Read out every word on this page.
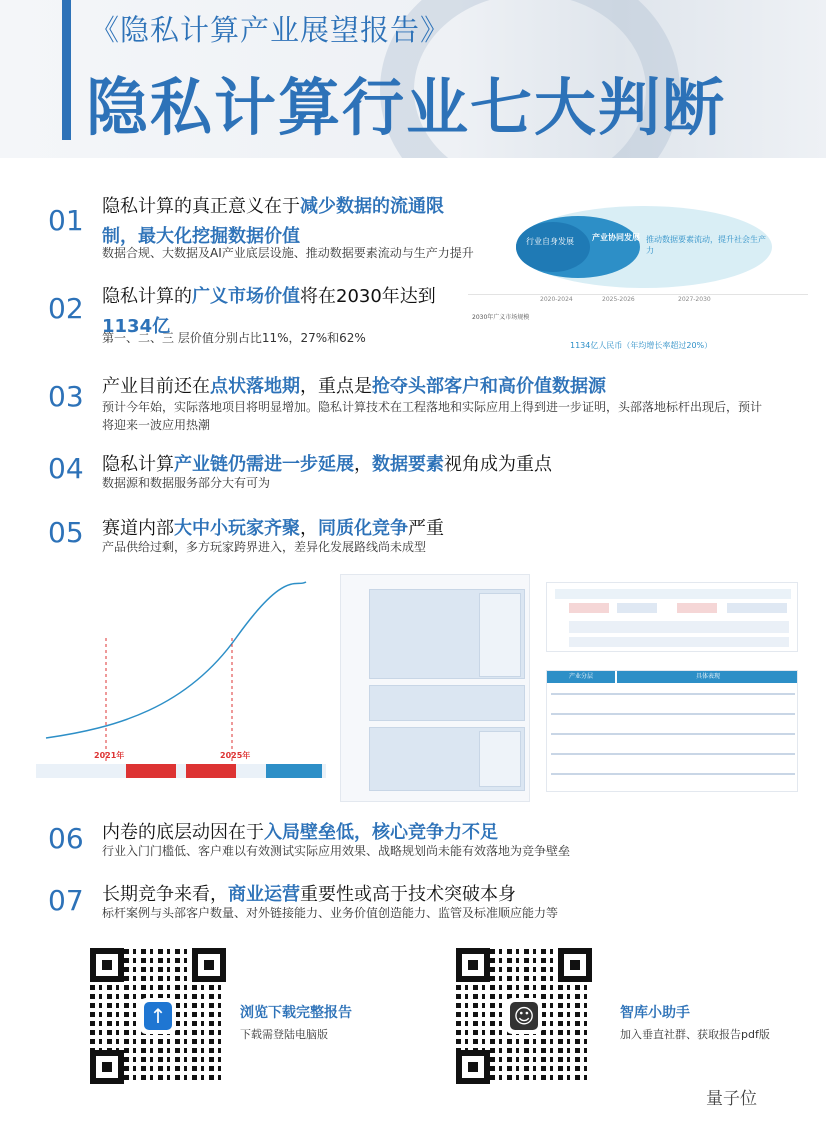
《隐私计算产业展望报告》
隐私计算行业七大判断
01 隐私计算的真正意义在于减少数据的流通限制，最大化挖掘数据价值
数据合规、大数据及AI产业底层设施、推动数据要素流动与生产力提升
02 隐私计算的广义市场价值将在2030年达到1134亿
第一、二、三 层价值分别占比11%，27%和62%
行业自身发展 产业协同发展 推动数据要素流动，提升社会生产力
2030年广义市场规模
2020-2024	2025-2026	2027-2030
1134亿人民币（年均增长率超过20%）
03 产业目前还在点状落地期，重点是抢夺头部客户和高价值数据源
预计今年始，实际落地项目将明显增加。隐私计算技术在工程落地和实际应用上得到进一步证明，头部落地标杆出现后，预计将迎来一波应用热潮
04 隐私计算产业链仍需进一步延展，数据要素视角成为重点
数据源和数据服务部分大有可为
05 赛道内部大中小玩家齐聚，同质化竞争严重
产品供给过剩，多方玩家跨界进入，差异化发展路线尚未成型
2021年	2025年
产业分层	具体表现
06 内卷的底层动因在于入局壁垒低，核心竞争力不足
行业入门门槛低、客户难以有效测试实际应用效果、战略规划尚未能有效落地为竞争壁垒
07 长期竞争来看，商业运营重要性或高于技术突破本身
标杆案例与头部客户数量、对外链接能力、业务价值创造能力、监管及标准顺应能力等
↑	浏览下载完整报告
下载需登陆电脑版
☺	智库小助手
加入垂直社群、获取报告pdf版
量子位
